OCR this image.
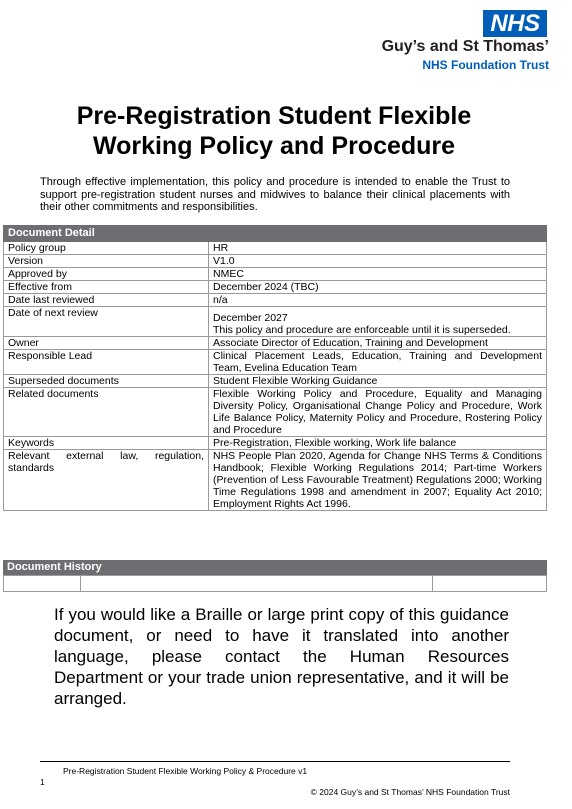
NHS
Guy’s and St Thomas’
NHS Foundation Trust
Pre-Registration Student Flexible
Working Policy and Procedure
Through effective implementation, this policy and procedure is intended to enable the Trust to support pre-registration student nurses and midwives to balance their clinical placements with their other commitments and responsibilities.
Document Detail	

Policy group	HR
Version	V1.0
Approved by	NMEC
Effective from	December 2024 (TBC)
Date last reviewed	n/a
Date of next review	December 2027
This policy and procedure are enforceable until it is superseded.

Owner	Associate Director of Education, Training and Development
Responsible Lead	Clinical Placement Leads, Education, Training and Development Team, Evelina Education Team
Superseded documents	Student Flexible Working Guidance
Related documents	Flexible Working Policy and Procedure, Equality and Managing Diversity Policy, Organisational Change Policy and Procedure, Work Life Balance Policy, Maternity Policy and Procedure, Rostering Policy and Procedure
Keywords	Pre-Registration, Flexible working, Work life balance
Relevant external law, regulation, standards	NHS People Plan 2020, Agenda for Change NHS Terms & Conditions Handbook; Flexible Working Regulations 2014; Part-time Workers (Prevention of Less Favourable Treatment) Regulations 2000; Working Time Regulations 1998 and amendment in 2007; Equality Act 2010; Employment Rights Act 1996.
Document History
If you would like a Braille or large print copy of this guidance document, or need to have it translated into another language, please contact the Human Resources Department or your trade union representative, and it will be arranged.
Pre-Registration Student Flexible Working Policy & Procedure v1
1
© 2024 Guy’s and St Thomas’ NHS Foundation Trust
